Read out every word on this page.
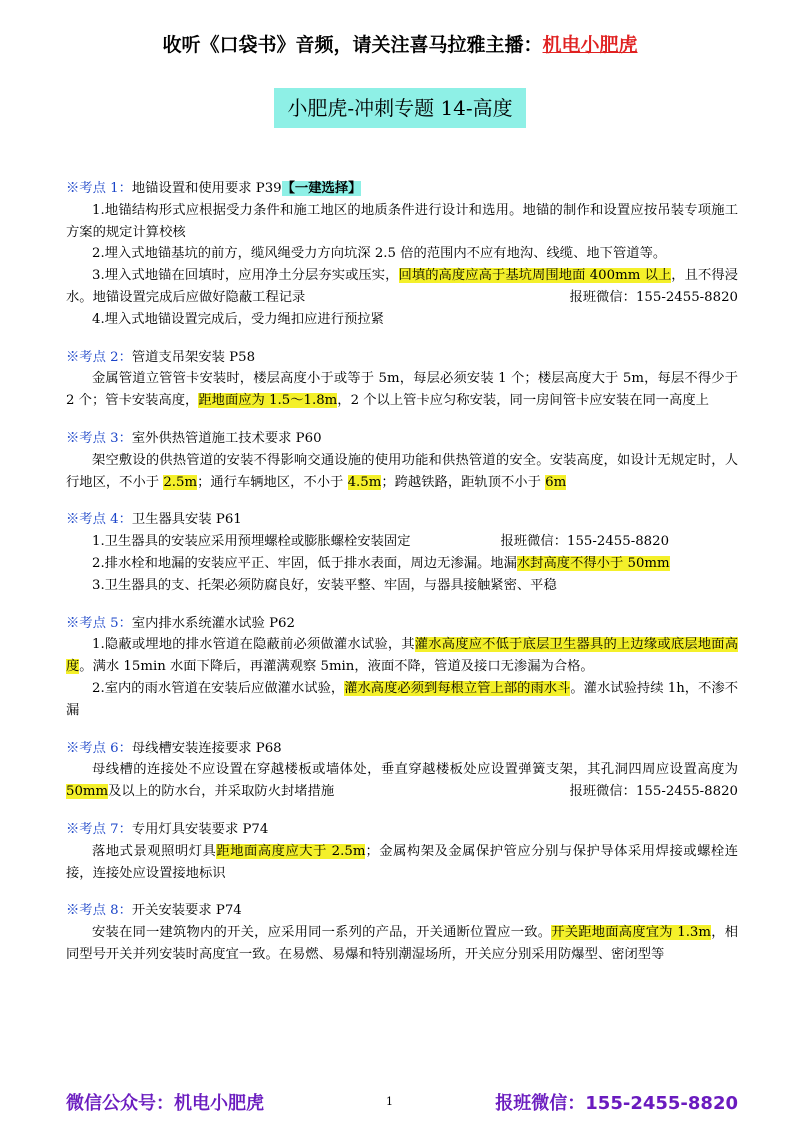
收听《口袋书》音频，请关注喜马拉雅主播：机电小肥虎
小肥虎-冲刺专题 14-高度
※考点 1：地锚设置和使用要求 P39【一建选择】
1.地锚结构形式应根据受力条件和施工地区的地质条件进行设计和选用。地锚的制作和设置应按吊装专项施工方案的规定计算校核
2.埋入式地锚基坑的前方，缆风绳受力方向坑深 2.5 倍的范围内不应有地沟、线缆、地下管道等。
3.埋入式地锚在回填时，应用净土分层夯实或压实，回填的高度应高于基坑周围地面 400mm 以上，且不得浸水。地锚设置完成后应做好隐蔽工程记录	报班微信：155-2455-8820
4.埋入式地锚设置完成后，受力绳扣应进行预拉紧
※考点 2：管道支吊架安装 P58
金属管道立管管卡安装时，楼层高度小于或等于 5m，每层必须安装 1 个；楼层高度大于 5m，每层不得少于 2 个；管卡安装高度，距地面应为 1.5～1.8m，2 个以上管卡应匀称安装，同一房间管卡应安装在同一高度上
※考点 3：室外供热管道施工技术要求 P60
架空敷设的供热管道的安装不得影响交通设施的使用功能和供热管道的安全。安装高度，如设计无规定时，人行地区，不小于 2.5m；通行车辆地区，不小于 4.5m；跨越铁路，距轨顶不小于 6m
※考点 4：卫生器具安装 P61
1.卫生器具的安装应采用预埋螺栓或膨胀螺栓安装固定	报班微信：155-2455-8820
2.排水栓和地漏的安装应平正、牢固，低于排水表面，周边无渗漏。地漏水封高度不得小于 50mm
3.卫生器具的支、托架必须防腐良好，安装平整、牢固，与器具接触紧密、平稳
※考点 5：室内排水系统灌水试验 P62
1.隐蔽或埋地的排水管道在隐蔽前必须做灌水试验，其灌水高度应不低于底层卫生器具的上边缘或底层地面高度。满水 15min 水面下降后，再灌满观察 5min，液面不降，管道及接口无渗漏为合格。
2.室内的雨水管道在安装后应做灌水试验，灌水高度必须到每根立管上部的雨水斗。灌水试验持续 1h，不渗不漏
※考点 6：母线槽安装连接要求 P68
母线槽的连接处不应设置在穿越楼板或墙体处，垂直穿越楼板处应设置弹簧支架，其孔洞四周应设置高度为50mm及以上的防水台，并采取防火封堵措施	报班微信：155-2455-8820
※考点 7：专用灯具安装要求 P74
落地式景观照明灯具距地面高度应大于 2.5m；金属构架及金属保护管应分别与保护导体采用焊接或螺栓连接，连接处应设置接地标识
※考点 8：开关安装要求 P74
安装在同一建筑物内的开关，应采用同一系列的产品，开关通断位置应一致。开关距地面高度宜为 1.3m，相同型号开关并列安装时高度宜一致。在易燃、易爆和特别潮湿场所，开关应分别采用防爆型、密闭型等
微信公众号：机电小肥虎	1	报班微信：155-2455-8820
